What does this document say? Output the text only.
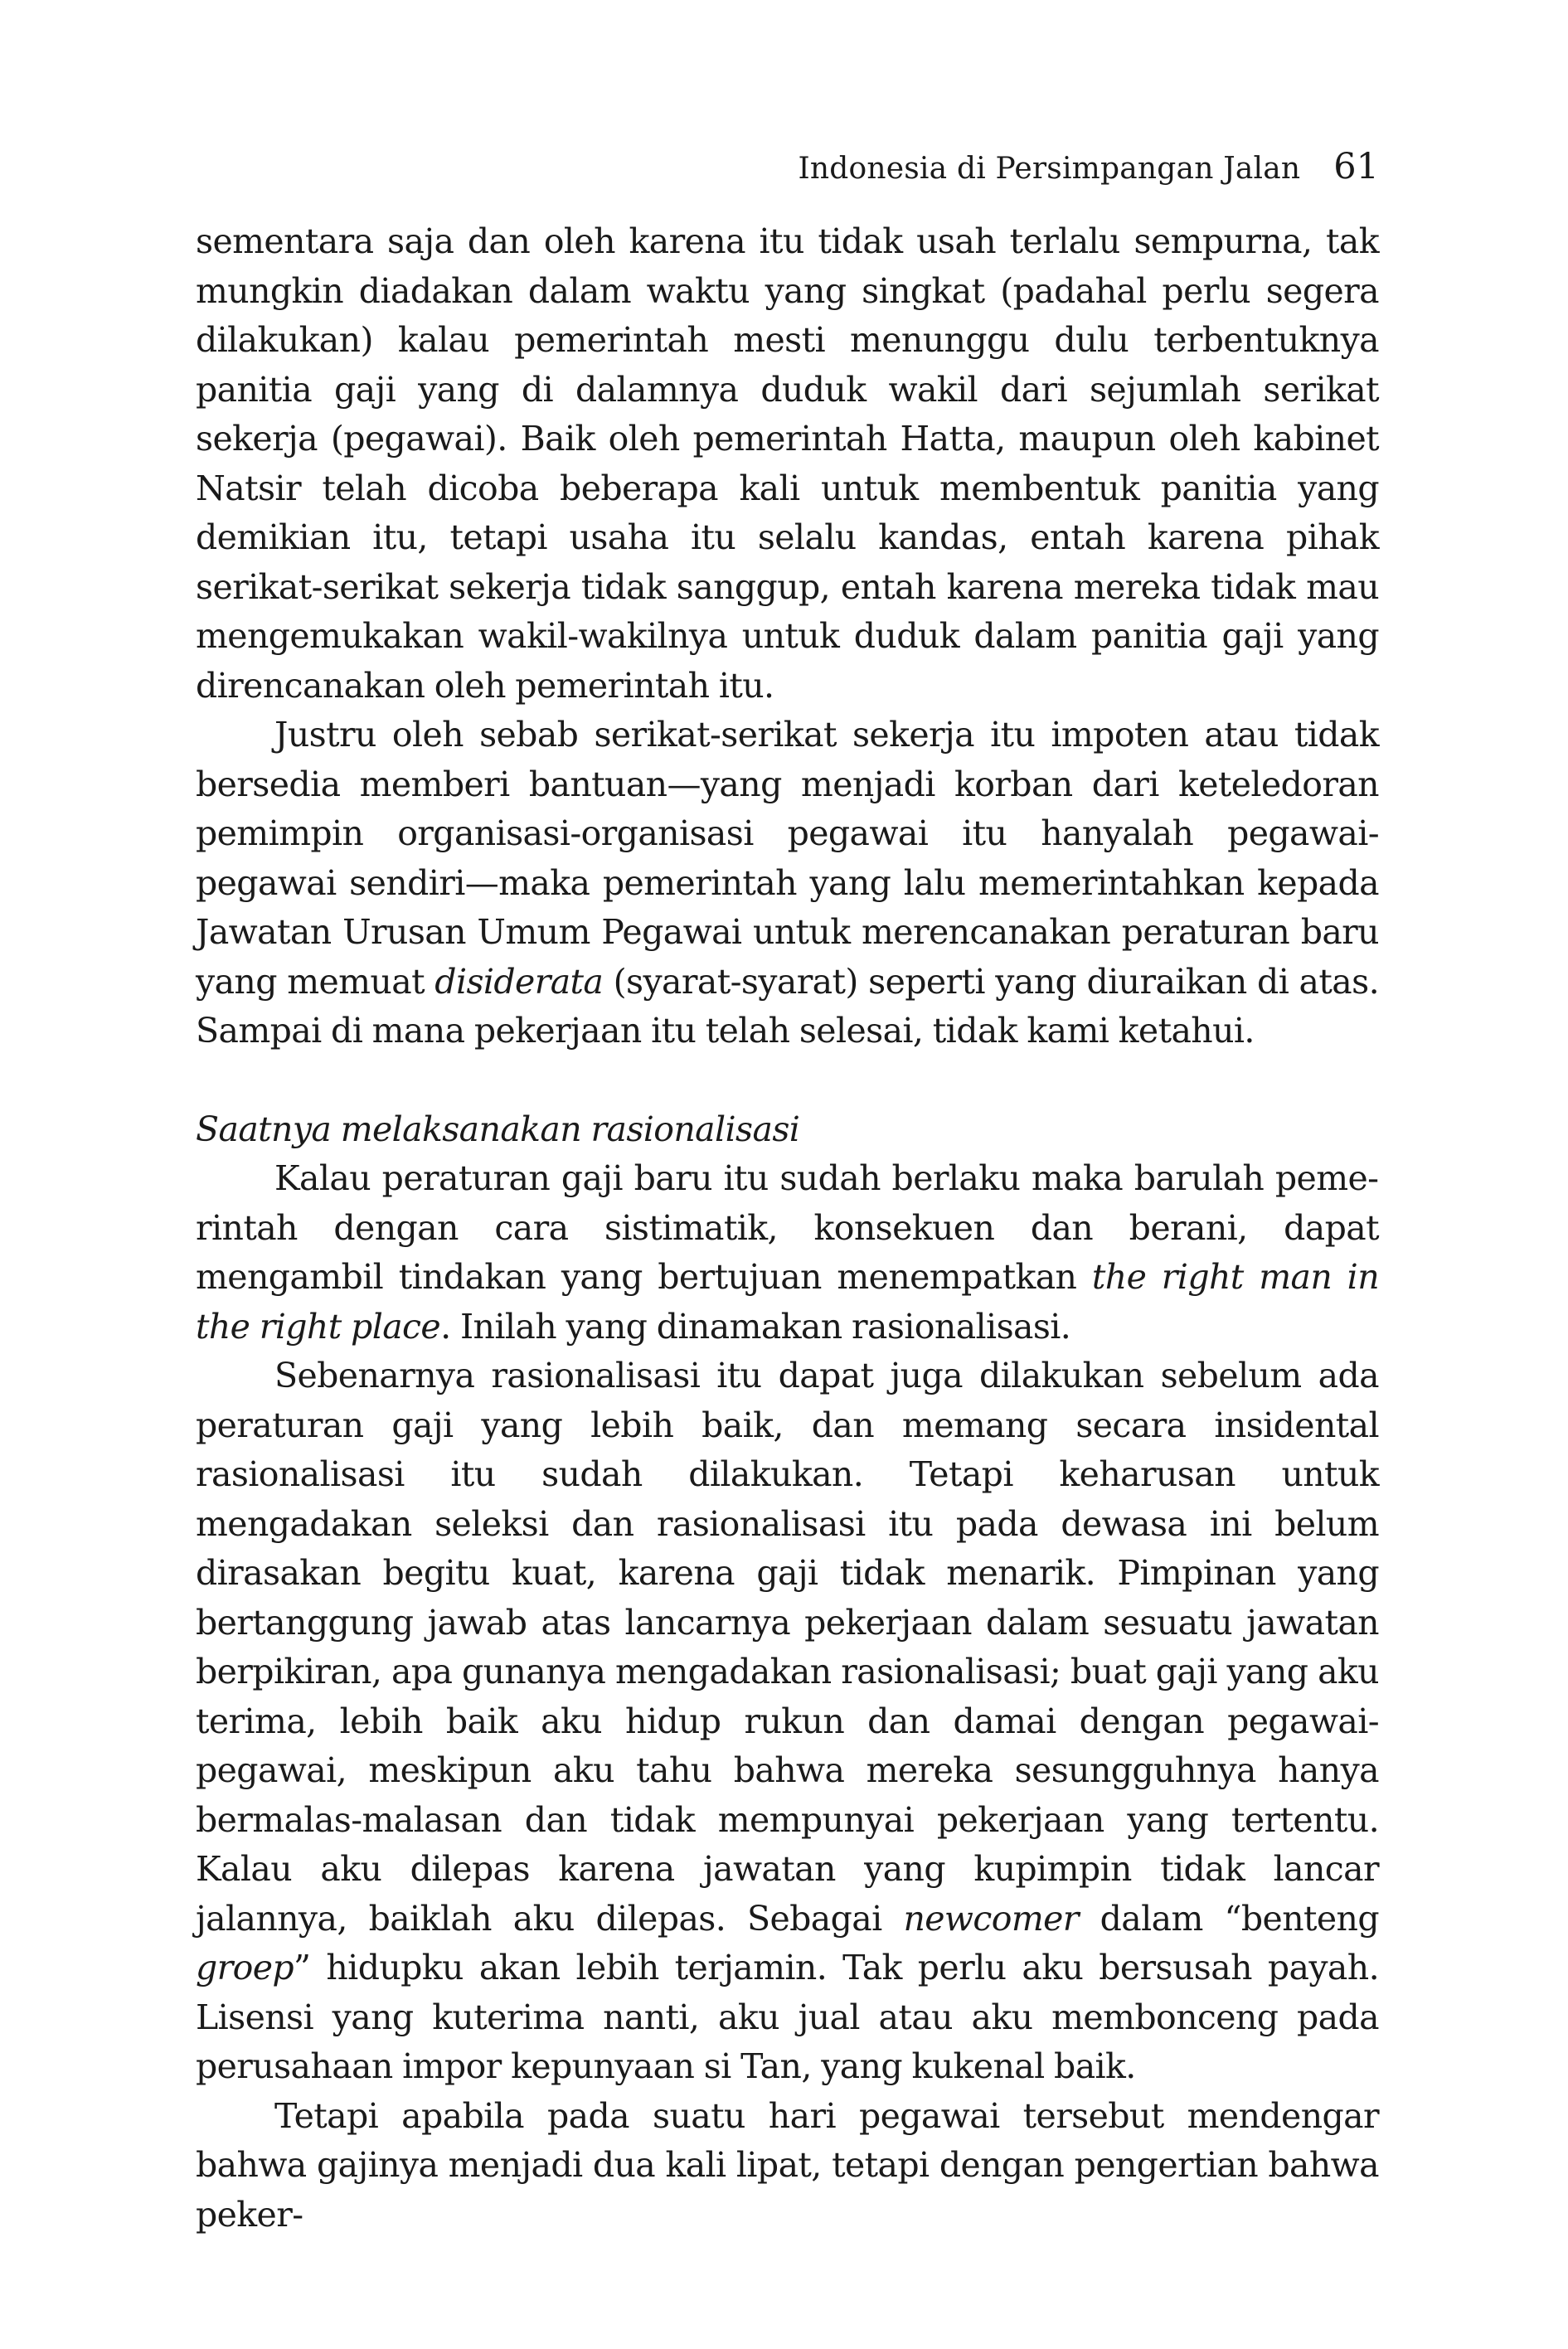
Indonesia di Persimpangan Jalan 61

sementara saja dan oleh karena itu tidak usah terlalu sempurna, tak mungkin diadakan dalam waktu yang singkat (padahal perlu segera dilakukan) kalau pemerintah mesti menunggu dulu terbentuknya panitia gaji yang di dalamnya duduk wakil dari sejumlah serikat sekerja (pegawai). Baik oleh pemerintah Hatta, maupun oleh kabinet Natsir telah dicoba beberapa kali untuk membentuk panitia yang demikian itu, tetapi usaha itu selalu kandas, entah karena pihak serikat-serikat sekerja tidak sanggup, entah karena mereka tidak mau mengemukakan wakil-wakilnya untuk duduk dalam panitia gaji yang direncanakan oleh pemerintah itu.

Justru oleh sebab serikat-serikat sekerja itu impoten atau tidak bersedia memberi bantuan—yang menjadi korban dari keteledoran pemimpin organisasi-organisasi pegawai itu hanyalah pegawai-pegawai sendiri—maka pemerintah yang lalu memerintahkan kepada Jawatan Urusan Umum Pegawai untuk merencanakan peraturan baru yang memuat disiderata (syarat-syarat) seperti yang diuraikan di atas. Sampai di mana pekerjaan itu telah selesai, tidak kami ketahui.

Saatnya melaksanakan rasionalisasi

Kalau peraturan gaji baru itu sudah berlaku maka barulah pemerintah dengan cara sistimatik, konsekuen dan berani, dapat mengambil tindakan yang bertujuan menempatkan the right man in the right place. Inilah yang dinamakan rasionalisasi.

Sebenarnya rasionalisasi itu dapat juga dilakukan sebelum ada peraturan gaji yang lebih baik, dan memang secara insidental rasionalisasi itu sudah dilakukan. Tetapi keharusan untuk mengadakan seleksi dan rasionalisasi itu pada dewasa ini belum dirasakan begitu kuat, karena gaji tidak menarik. Pimpinan yang bertanggung jawab atas lancarnya pekerjaan dalam sesuatu jawatan berpikiran, apa gunanya mengadakan rasionalisasi; buat gaji yang aku terima, lebih baik aku hidup rukun dan damai dengan pegawai-pegawai, meskipun aku tahu bahwa mereka sesungguhnya hanya bermalas-malasan dan tidak mempunyai pekerjaan yang tertentu. Kalau aku dilepas karena jawatan yang kupimpin tidak lancar jalannya, baiklah aku dilepas. Sebagai newcomer dalam “benteng groep” hidupku akan lebih terjamin. Tak perlu aku bersusah payah. Lisensi yang kuterima nanti, aku jual atau aku membonceng pada perusahaan impor kepunyaan si Tan, yang kukenal baik.

Tetapi apabila pada suatu hari pegawai tersebut mendengar bahwa gajinya menjadi dua kali lipat, tetapi dengan pengertian bahwa peker-
